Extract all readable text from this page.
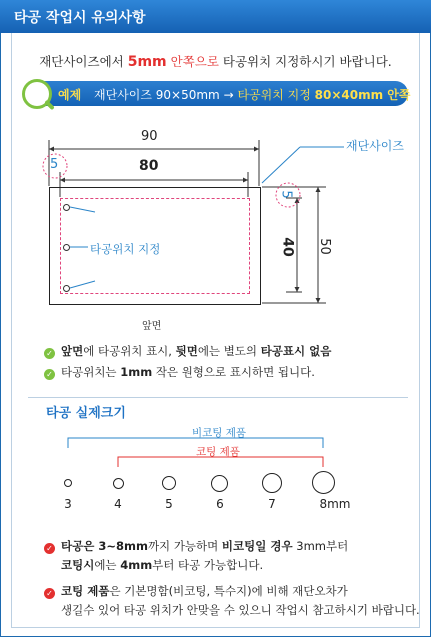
타공 작업시 유의사항
재단사이즈에서 5mm 안쪽으로 타공위치 지정하시기 바랍니다.
예제 재단사이즈 90×50mm → 타공위치 지정 80×40mm 안쪽
90
80
5
5
40 50
재단사이즈
타공위치 지정
앞면
✓ 앞면에 타공위치 표시, 뒷면에는 별도의 타공표시 없음
✓ 타공위치는 1mm 작은 원형으로 표시하면 됩니다.
타공 실제크기
비코팅 제품
코팅 제품
3	4	5	6	7	8mm
✓ 타공은 3~8mm까지 가능하며 비코팅일 경우 3mm부터
코팅시에는 4mm부터 타공 가능합니다.
✓ 코팅 제품은 기본명함(비코팅, 특수지)에 비해 재단오차가
생길수 있어 타공 위치가 안맞을 수 있으니 작업시 참고하시기 바랍니다.
